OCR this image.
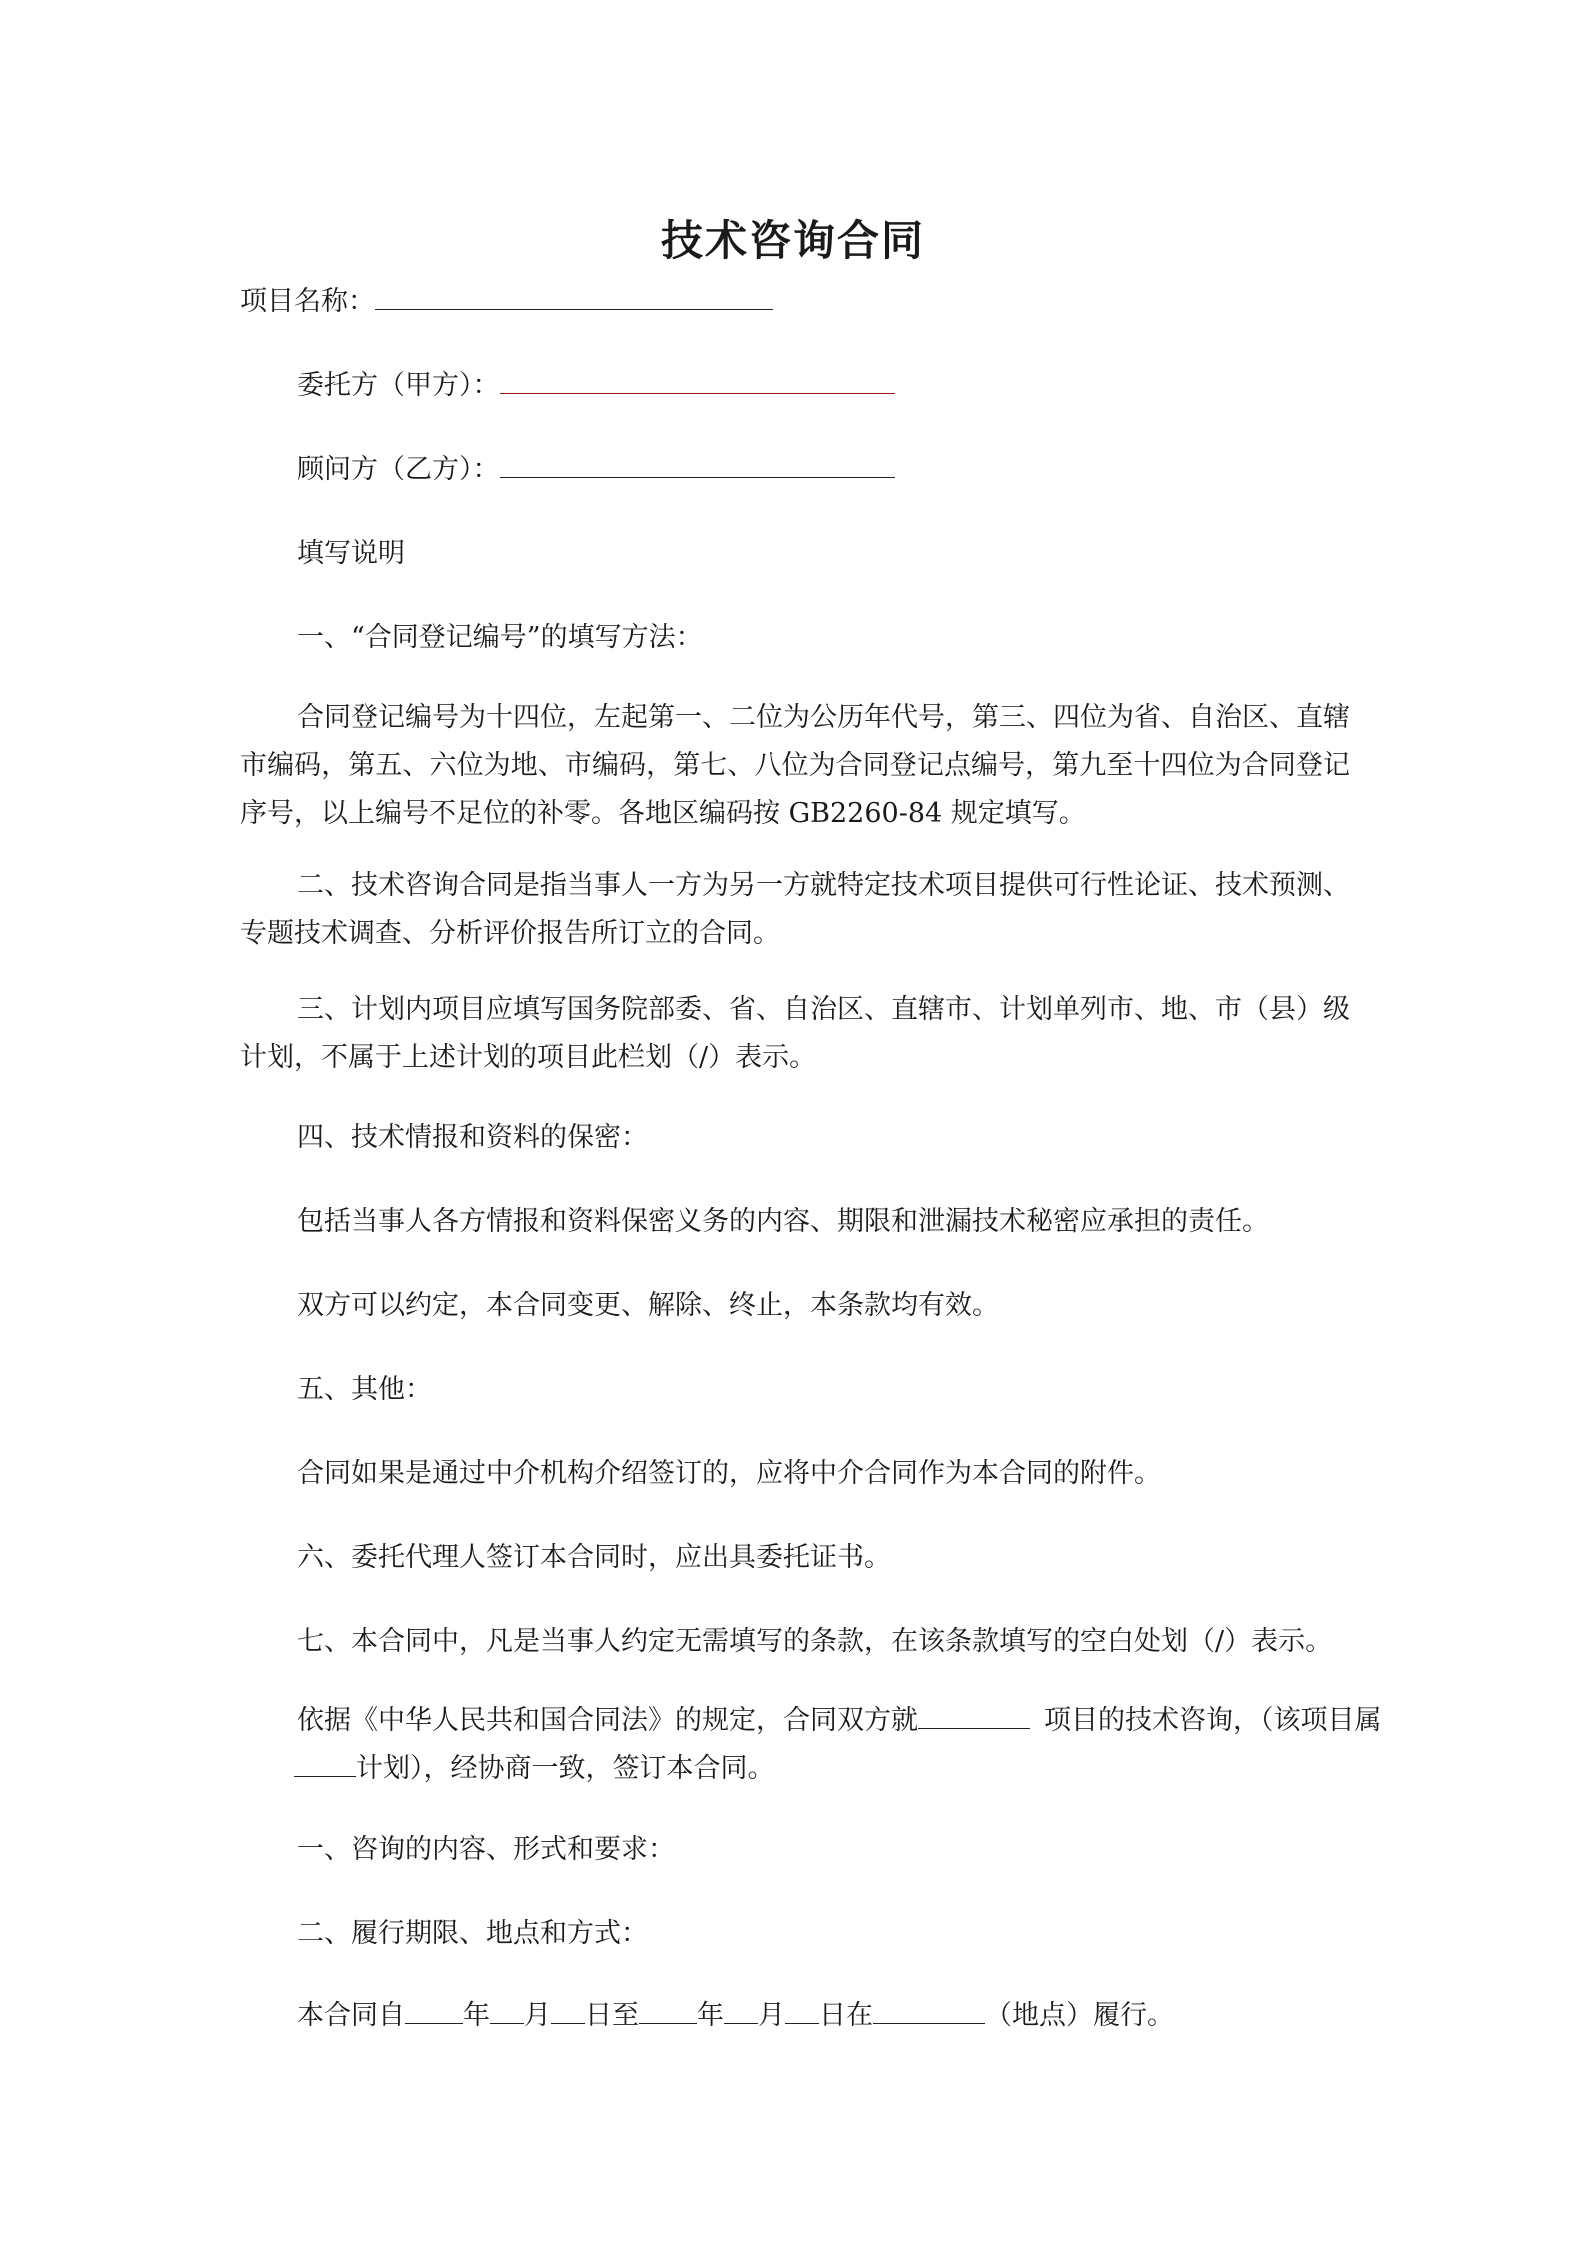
技术咨询合同
项目名称：
委托方（甲方）：
顾问方（乙方）：
填写说明
一、“合同登记编号”的填写方法：
合同登记编号为十四位，左起第一、二位为公历年代号，第三、四位为省、自治区、直辖市编码，第五、六位为地、市编码，第七、八位为合同登记点编号，第九至十四位为合同登记序号，以上编号不足位的补零。各地区编码按 GB2260-84 规定填写。
二、技术咨询合同是指当事人一方为另一方就特定技术项目提供可行性论证、技术预测、专题技术调查、分析评价报告所订立的合同。
三、计划内项目应填写国务院部委、省、自治区、直辖市、计划单列市、地、市（县）级计划，不属于上述计划的项目此栏划（/）表示。
四、技术情报和资料的保密：
包括当事人各方情报和资料保密义务的内容、期限和泄漏技术秘密应承担的责任。
双方可以约定，本合同变更、解除、终止，本条款均有效。
五、其他：
合同如果是通过中介机构介绍签订的，应将中介合同作为本合同的附件。
六、委托代理人签订本合同时，应出具委托证书。
七、本合同中，凡是当事人约定无需填写的条款，在该条款填写的空白处划（/）表示。
依据《中华人民共和国合同法》的规定，合同双方就	项目的技术咨询，（该项目属
计划），经协商一致，签订本合同。
一、咨询的内容、形式和要求：
二、履行期限、地点和方式：
本合同自 年 月 日至 年 月 日在	（地点）履行。
